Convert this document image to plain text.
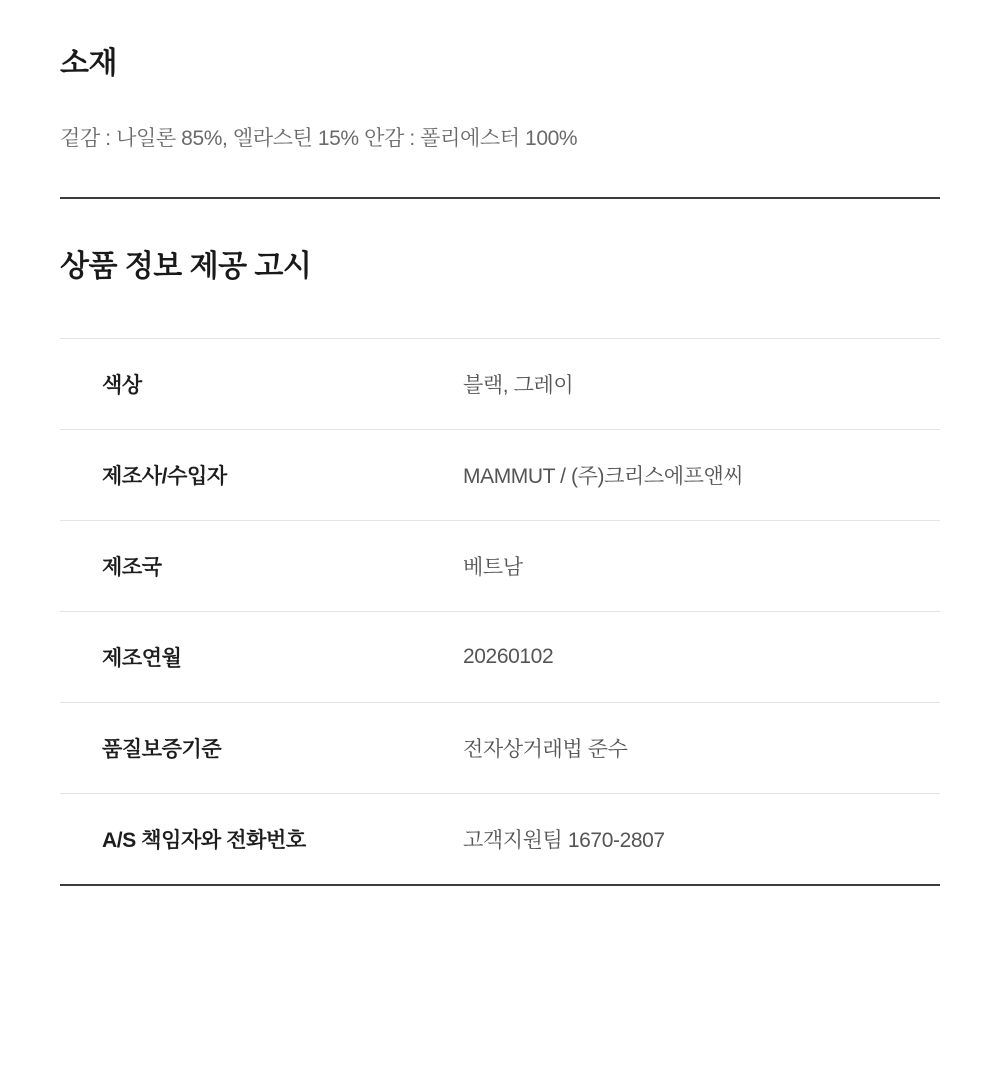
소재

겉감 : 나일론 85%, 엘라스틴 15% 안감 : 폴리에스터 100%

상품 정보 제공 고시
색상	블랙, 그레이
제조사/수입자	MAMMUT / (주)크리스에프앤씨
제조국	베트남
제조연월	20260102
품질보증기준	전자상거래법 준수
A/S 책임자와 전화번호	고객지원팀 1670-2807
